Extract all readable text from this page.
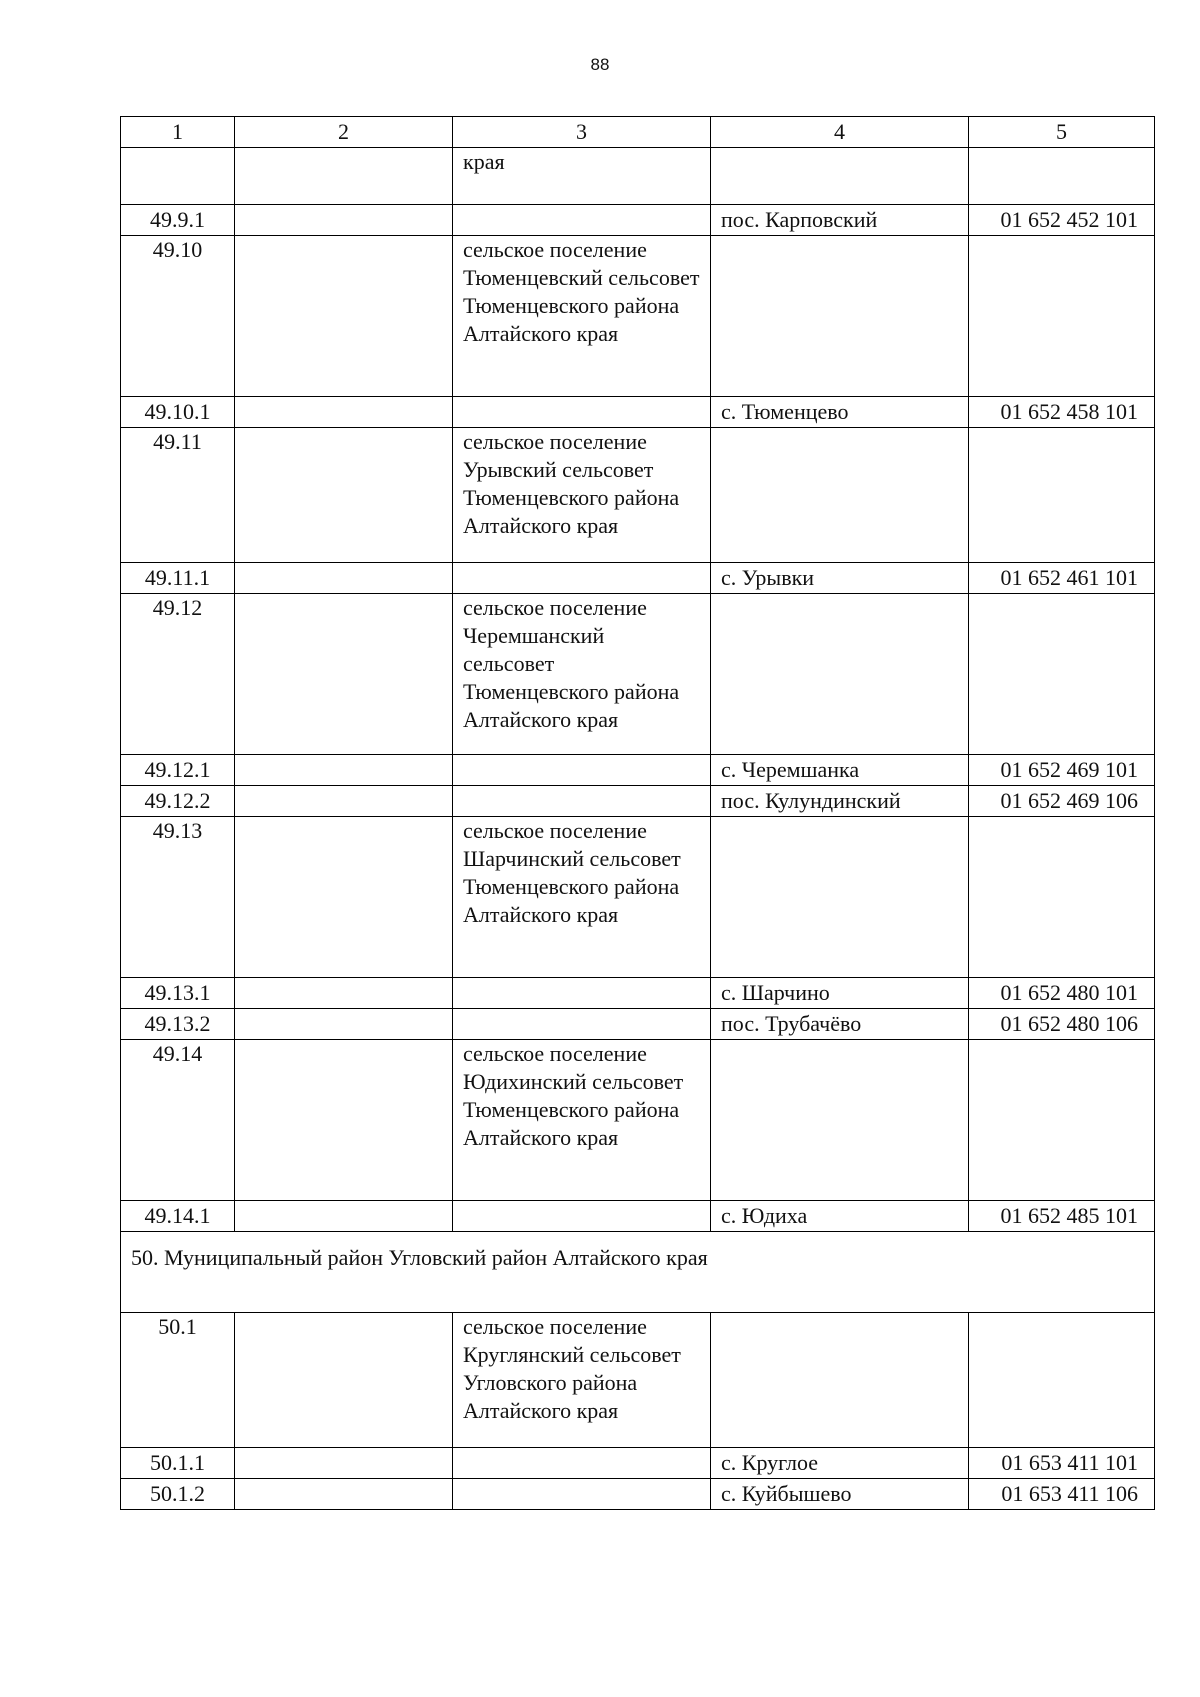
88
1	2	3	4	5
		края		
49.9.1			пос. Карповский	01 652 452 101
49.10		сельское поселение Тюменцевский сельсовет Тюменцевского района Алтайского края		
49.10.1			с. Тюменцево	01 652 458 101
49.11		сельское поселение Урывский сельсовет Тюменцевского района Алтайского края		
49.11.1			с. Урывки	01 652 461 101
49.12		сельское поселение Черемшанский сельсовет Тюменцевского района Алтайского края		
49.12.1			с. Черемшанка	01 652 469 101
49.12.2			пос. Кулундинский	01 652 469 106
49.13		сельское поселение Шарчинский сельсовет Тюменцевского района Алтайского края		
49.13.1			с. Шарчино	01 652 480 101
49.13.2			пос. Трубачёво	01 652 480 106
49.14		сельское поселение Юдихинский сельсовет Тюменцевского района Алтайского края		
49.14.1			с. Юдиха	01 652 485 101
50. Муниципальный район Угловский район Алтайского края				
50.1		сельское поселение Круглянский сельсовет Угловского района Алтайского края		
50.1.1			с. Круглое	01 653 411 101
50.1.2			с. Куйбышево	01 653 411 106
